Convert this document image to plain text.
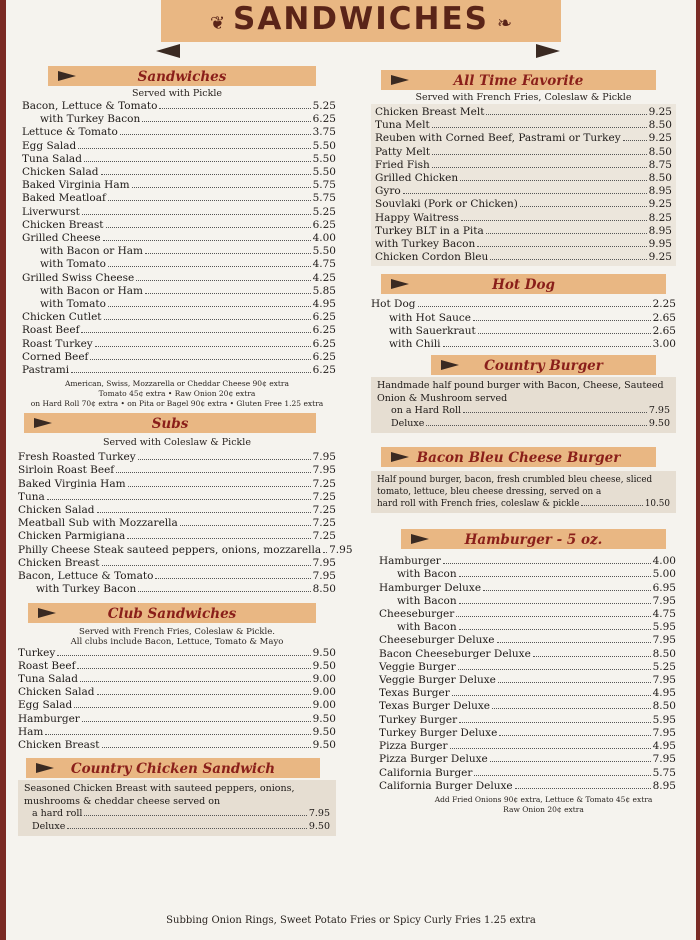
❦ SANDWICHES ❧
Sandwiches
Served with Pickle
Bacon, Lettuce & Tomato	5.25
with Turkey Bacon	6.25
Lettuce & Tomato	3.75
Egg Salad	5.50
Tuna Salad	5.50
Chicken Salad	5.50
Baked Virginia Ham	5.75
Baked Meatloaf	5.75
Liverwurst	5.25
Chicken Breast	6.25
Grilled Cheese	4.00
with Bacon or Ham	5.50
with Tomato	4.75
Grilled Swiss Cheese	4.25
with Bacon or Ham	5.85
with Tomato	4.95
Chicken Cutlet	6.25
Roast Beef	6.25
Roast Turkey	6.25
Corned Beef	6.25
Pastrami	6.25
American, Swiss, Mozzarella or Cheddar Cheese 90¢ extra
Tomato 45¢ extra • Raw Onion 20¢ extra
on Hard Roll 70¢ extra • on Pita or Bagel 90¢ extra • Gluten Free 1.25 extra
Subs
Served with Coleslaw & Pickle
Fresh Roasted Turkey	7.95
Sirloin Roast Beef	7.95
Baked Virginia Ham	7.25
Tuna	7.25
Chicken Salad	7.25
Meatball Sub with Mozzarella	7.25
Chicken Parmigiana	7.25
Philly Cheese Steak sauteed peppers, onions, mozzarella 7.95
Chicken Breast	7.95
Bacon, Lettuce & Tomato	7.95
with Turkey Bacon	8.50
Club Sandwiches
Served with French Fries, Coleslaw & Pickle.
All clubs include Bacon, Lettuce, Tomato & Mayo
Turkey	9.50
Roast Beef	9.50
Tuna Salad	9.00
Chicken Salad	9.00
Egg Salad	9.00
Hamburger	9.50
Ham	9.50
Chicken Breast	9.50
Country Chicken Sandwich
Seasoned Chicken Breast with sauteed peppers, onions, mushrooms & cheddar cheese served on
a hard roll	7.95
Deluxe	9.50
All Time Favorite
Served with French Fries, Coleslaw & Pickle
Chicken Breast Melt	9.25
Tuna Melt	8.50
Reuben with Corned Beef, Pastrami or Turkey	9.25
Patty Melt	8.50
Fried Fish	8.75
Grilled Chicken	8.50
Gyro	8.95
Souvlaki (Pork or Chicken)	9.25
Happy Waitress	8.25
Turkey BLT in a Pita	8.95
with Turkey Bacon	9.95
Chicken Cordon Bleu	9.25
Hot Dog
Hot Dog	2.25
with Hot Sauce	2.65
with Sauerkraut	2.65
with Chili	3.00
Country Burger
Handmade half pound burger with Bacon, Cheese, Sauteed Onion & Mushroom served
on a Hard Roll	7.95
Deluxe	9.50
Bacon Bleu Cheese Burger
Half pound burger, bacon, fresh crumbled bleu cheese, sliced tomato, lettuce, bleu cheese dressing, served on a
hard roll with French fries, coleslaw & pickle	10.50
Hamburger - 5 oz.
Hamburger	4.00
with Bacon	5.00
Hamburger Deluxe	6.95
with Bacon	7.95
Cheeseburger	4.75
with Bacon	5.95
Cheeseburger Deluxe	7.95
Bacon Cheeseburger Deluxe	8.50
Veggie Burger	5.25
Veggie Burger Deluxe	7.95
Texas Burger	4.95
Texas Burger Deluxe	8.50
Turkey Burger	5.95
Turkey Burger Deluxe	7.95
Pizza Burger	4.95
Pizza Burger Deluxe	7.95
California Burger	5.75
California Burger Deluxe	8.95
Add Fried Onions 90¢ extra, Lettuce & Tomato 45¢ extra
Raw Onion 20¢ extra
Subbing Onion Rings, Sweet Potato Fries or Spicy Curly Fries 1.25 extra
